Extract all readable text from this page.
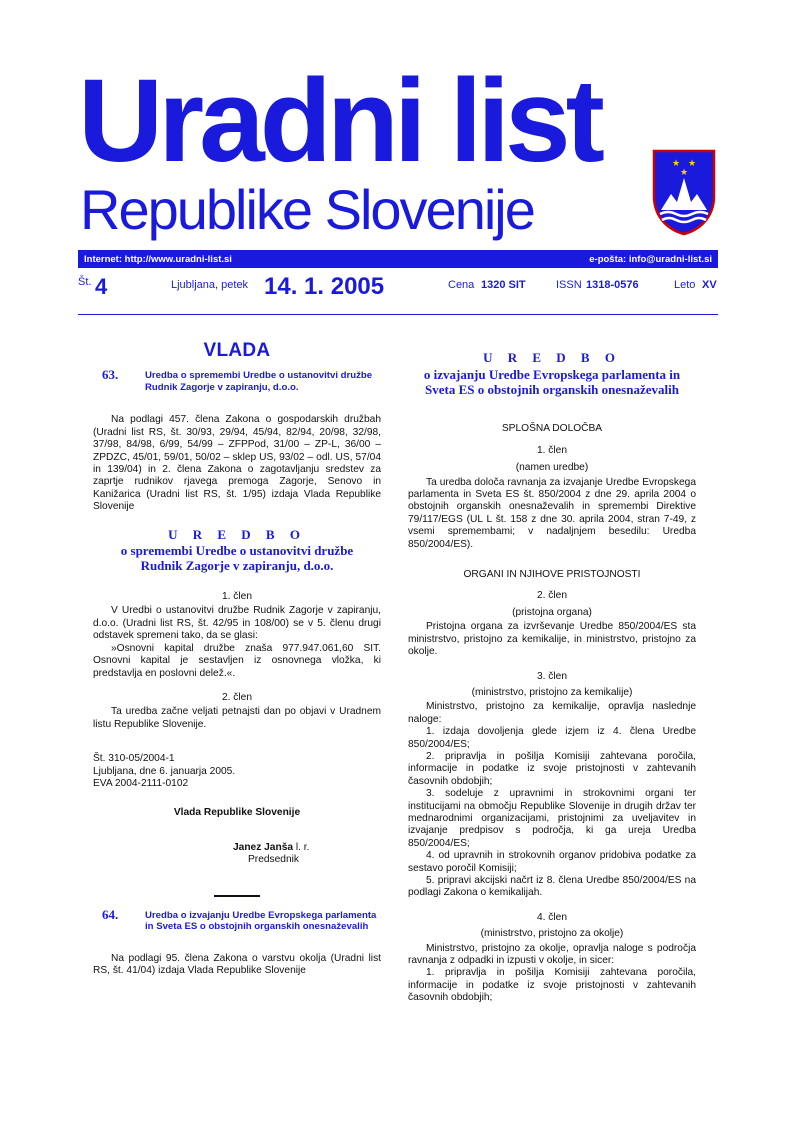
Uradni list
Republike Slovenije
★ ★
★
Internet: http://www.uradni-list.si	e-pošta: info@uradni-list.si
Št. 4	Ljubljana, petek 14. 1. 2005	Cena 1320 SIT	ISSN 1318-0576	Leto XV
VLADA
63.	Uredba o spremembi Uredbe o ustanovitvi družbe Rudnik Zagorje v zapiranju, d.o.o.

Na podlagi 457. člena Zakona o gospodarskih družbah (Uradni list RS, št. 30/93, 29/94, 45/94, 82/94, 20/98, 32/98, 37/98, 84/98, 6/99, 54/99 – ZFPPod, 31/00 – ZP-L, 36/00 – ZPDZC, 45/01, 59/01, 50/02 – sklep US, 93/02 – odl. US, 57/04 in 139/04) in 2. člena Zakona o zagotavljanju sredstev za zaprtje rudnikov rjavega premoga Zagorje, Senovo in Kanižarica (Uradni list RS, št. 1/95) izdaja Vlada Republike Slovenije

U R E D B O
o spremembi Uredbe o ustanovitvi družbe Rudnik Zagorje v zapiranju, d.o.o.

1. člen

V Uredbi o ustanovitvi družbe Rudnik Zagorje v zapiranju, d.o.o. (Uradni list RS, št. 42/95 in 108/00) se v 5. členu drugi odstavek spremeni tako, da se glasi:

»Osnovni kapital družbe znaša 977.947.061,60 SIT. Osnovni kapital je sestavljen iz osnovnega vložka, ki predstavlja en poslovni delež.«.

2. člen

Ta uredba začne veljati petnajsti dan po objavi v Uradnem listu Republike Slovenije.

Št. 310-05/2004-1

Ljubljana, dne 6. januarja 2005.

EVA 2004-2111-0102

Vlada Republike Slovenije

Janez Janša l. r.

Predsednik

64.	Uredba o izvajanju Uredbe Evropskega parlamenta in Sveta ES o obstojnih organskih onesnaževalih

Na podlagi 95. člena Zakona o varstvu okolja (Uradni list RS, št. 41/04) izdaja Vlada Republike Slovenije

U R E D B O
o izvajanju Uredbe Evropskega parlamenta in Sveta ES o obstojnih organskih onesnaževalih

SPLOŠNA DOLOČBA

1. člen

(namen uredbe)

Ta uredba določa ravnanja za izvajanje Uredbe Evropskega parlamenta in Sveta ES št. 850/2004 z dne 29. aprila 2004 o obstojnih organskih onesnaževalih in spremembi Direktive 79/117/EGS (UL L št. 158 z dne 30. aprila 2004, stran 7-49, z vsemi spremembami; v nadaljnjem besedilu: Uredba 850/2004/ES).

ORGANI IN NJIHOVE PRISTOJNOSTI

2. člen

(pristojna organa)

Pristojna organa za izvrševanje Uredbe 850/2004/ES sta ministrstvo, pristojno za kemikalije, in ministrstvo, pristojno za okolje.

3. člen

(ministrstvo, pristojno za kemikalije)

Ministrstvo, pristojno za kemikalije, opravlja naslednje naloge:

1. izdaja dovoljenja glede izjem iz 4. člena Uredbe 850/2004/ES;

2. pripravlja in pošilja Komisiji zahtevana poročila, informacije in podatke iz svoje pristojnosti v zahtevanih časovnih obdobjih;

3. sodeluje z upravnimi in strokovnimi organi ter institucijami na območju Republike Slovenije in drugih držav ter mednarodnimi organizacijami, pristojnimi za uveljavitev in izvajanje predpisov s področja, ki ga ureja Uredba 850/2004/ES;

4. od upravnih in strokovnih organov pridobiva podatke za sestavo poročil Komisiji;

5. pripravi akcijski načrt iz 8. člena Uredbe 850/2004/ES na podlagi Zakona o kemikalijah.

4. člen

(ministrstvo, pristojno za okolje)

Ministrstvo, pristojno za okolje, opravlja naloge s področja ravnanja z odpadki in izpusti v okolje, in sicer:

1. pripravlja in pošilja Komisiji zahtevana poročila, informacije in podatke iz svoje pristojnosti v zahtevanih časovnih obdobjih;
